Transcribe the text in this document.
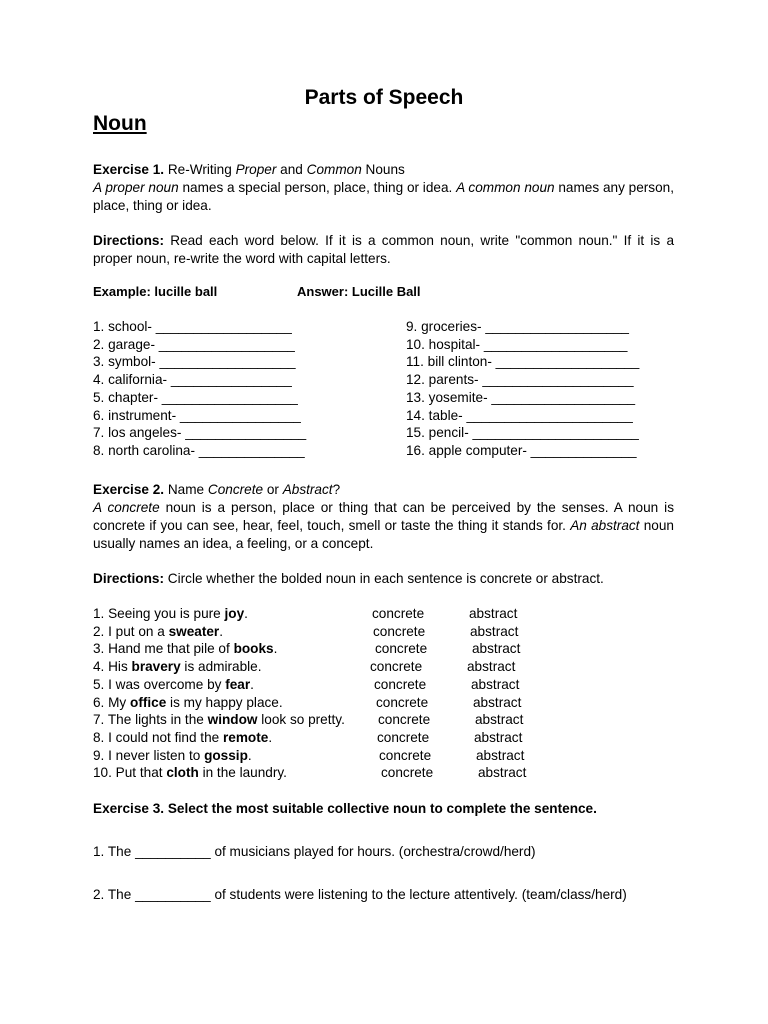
Parts of Speech
Noun
Exercise 1. Re-Writing Proper and Common Nouns
A proper noun names a special person, place, thing or idea. A common noun names any person, place, thing or idea.
Directions: Read each word below. If it is a common noun, write "common noun." If it is a proper noun, re-write the word with capital letters.
Example: lucille ball	Answer: Lucille Ball
1. school- __________________
2. garage- __________________
3. symbol- __________________
4. california- ________________
5. chapter- __________________
6. instrument- ________________
7. los angeles- ________________
8. north carolina- ______________
9. groceries- ___________________
10. hospital- ___________________
11. bill clinton- ___________________
12. parents- ____________________
13. yosemite- ___________________
14. table- ______________________
15. pencil- ______________________
16. apple computer- ______________
Exercise 2. Name Concrete or Abstract?
A concrete noun is a person, place or thing that can be perceived by the senses. A noun is concrete if you can see, hear, feel, touch, smell or taste the thing it stands for. An abstract noun usually names an idea, a feeling, or a concept.
Directions: Circle whether the bolded noun in each sentence is concrete or abstract.
1. Seeing you is pure joy.	concrete	abstract
2. I put on a sweater.	concrete	abstract
3. Hand me that pile of books.	concrete	abstract
4. His bravery is admirable.	concrete	abstract
5. I was overcome by fear.	concrete	abstract
6. My office is my happy place.	concrete	abstract
7. The lights in the window look so pretty. concrete	abstract
8. I could not find the remote.	concrete	abstract
9. I never listen to gossip.	concrete	abstract
10. Put that cloth in the laundry.	concrete	abstract
Exercise 3. Select the most suitable collective noun to complete the sentence.
1. The __________ of musicians played for hours. (orchestra/crowd/herd)
2. The __________ of students were listening to the lecture attentively. (team/class/herd)
